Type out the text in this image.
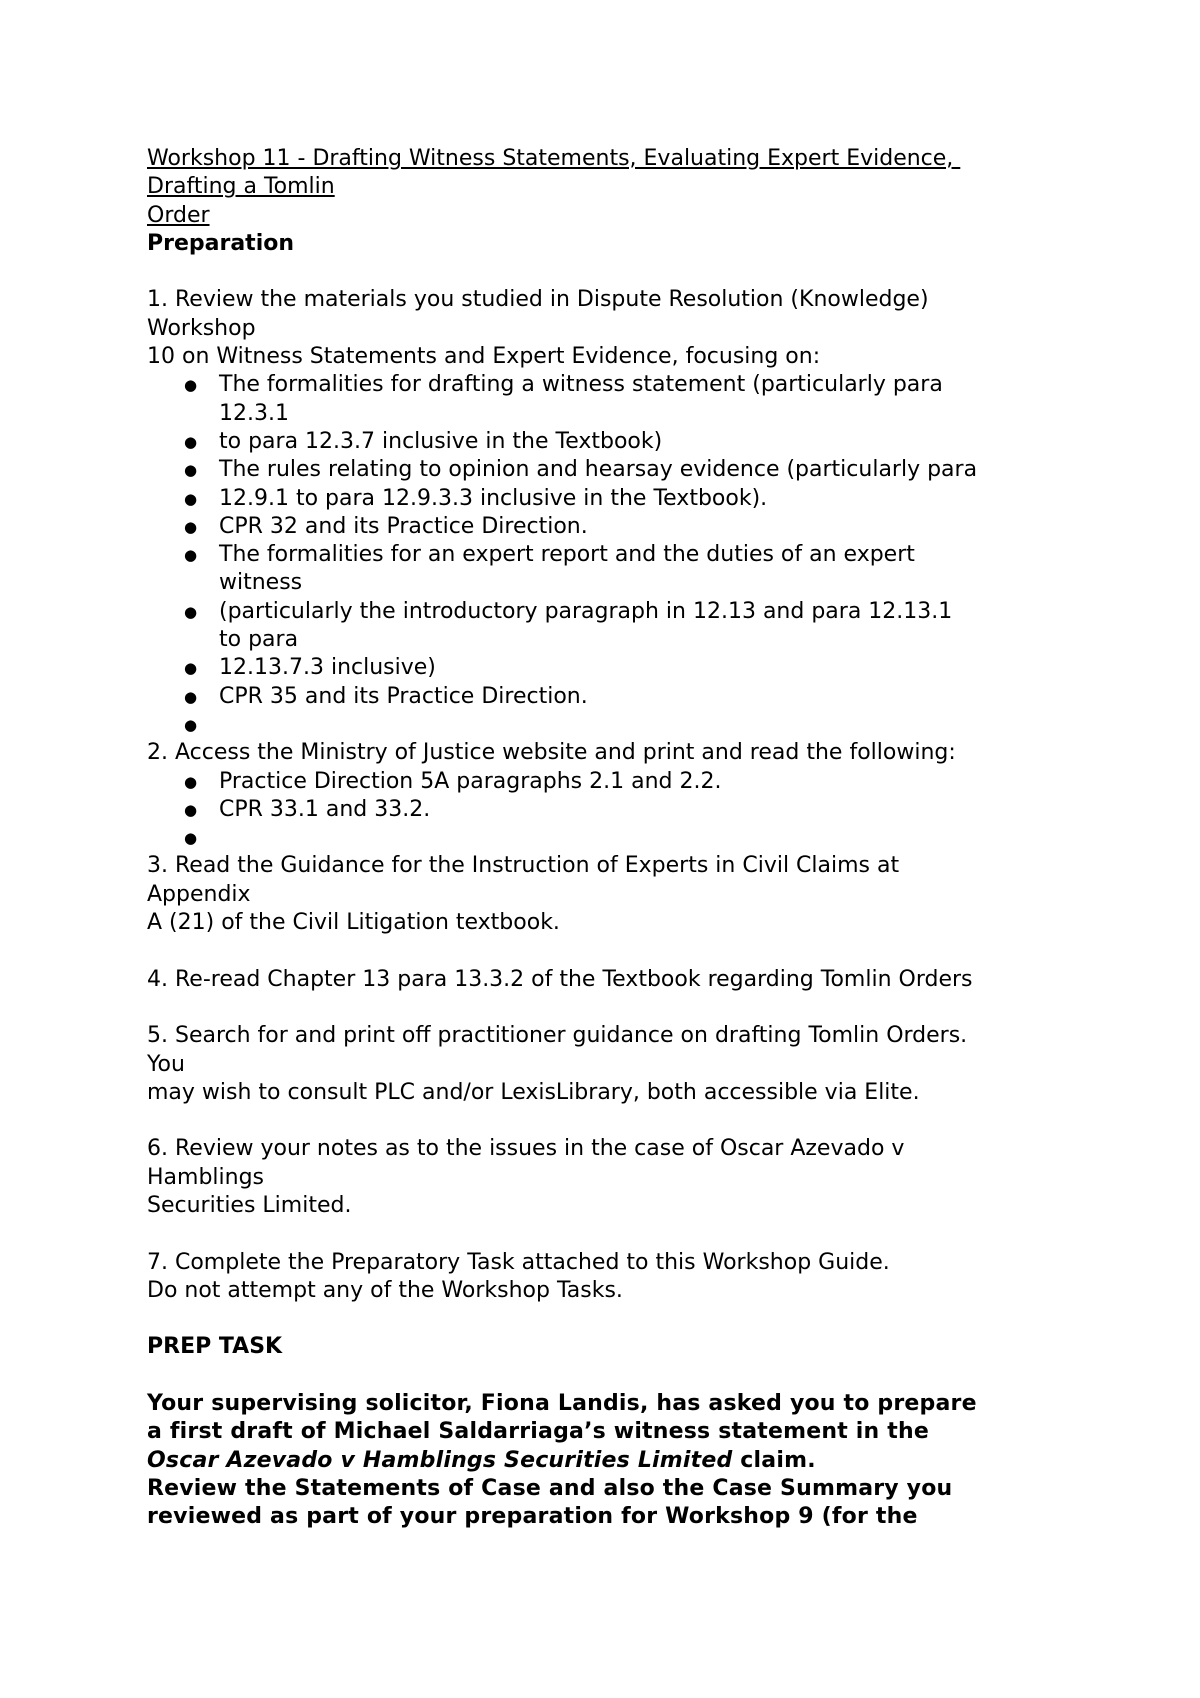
Workshop 11 - Drafting Witness Statements, Evaluating Expert Evidence,
Drafting a Tomlin
Order
Preparation
1. Review the materials you studied in Dispute Resolution (Knowledge)
Workshop
10 on Witness Statements and Expert Evidence, focusing on:
● The formalities for drafting a witness statement (particularly para
12.3.1
● to para 12.3.7 inclusive in the Textbook)
● The rules relating to opinion and hearsay evidence (particularly para
● 12.9.1 to para 12.9.3.3 inclusive in the Textbook).
● CPR 32 and its Practice Direction.
● The formalities for an expert report and the duties of an expert
witness
● (particularly the introductory paragraph in 12.13 and para 12.13.1
to para
● 12.13.7.3 inclusive)
● CPR 35 and its Practice Direction.
●
2. Access the Ministry of Justice website and print and read the following:
● Practice Direction 5A paragraphs 2.1 and 2.2.
● CPR 33.1 and 33.2.
●
3. Read the Guidance for the Instruction of Experts in Civil Claims at
Appendix
A (21) of the Civil Litigation textbook.
4. Re-read Chapter 13 para 13.3.2 of the Textbook regarding Tomlin Orders
5. Search for and print off practitioner guidance on drafting Tomlin Orders.
You
may wish to consult PLC and/or LexisLibrary, both accessible via Elite.
6. Review your notes as to the issues in the case of Oscar Azevado v
Hamblings
Securities Limited.
7. Complete the Preparatory Task attached to this Workshop Guide.
Do not attempt any of the Workshop Tasks.
PREP TASK
Your supervising solicitor, Fiona Landis, has asked you to prepare
a first draft of Michael Saldarriaga’s witness statement in the
Oscar Azevado v Hamblings Securities Limited claim.
Review the Statements of Case and also the Case Summary you
reviewed as part of your preparation for Workshop 9 (for the
